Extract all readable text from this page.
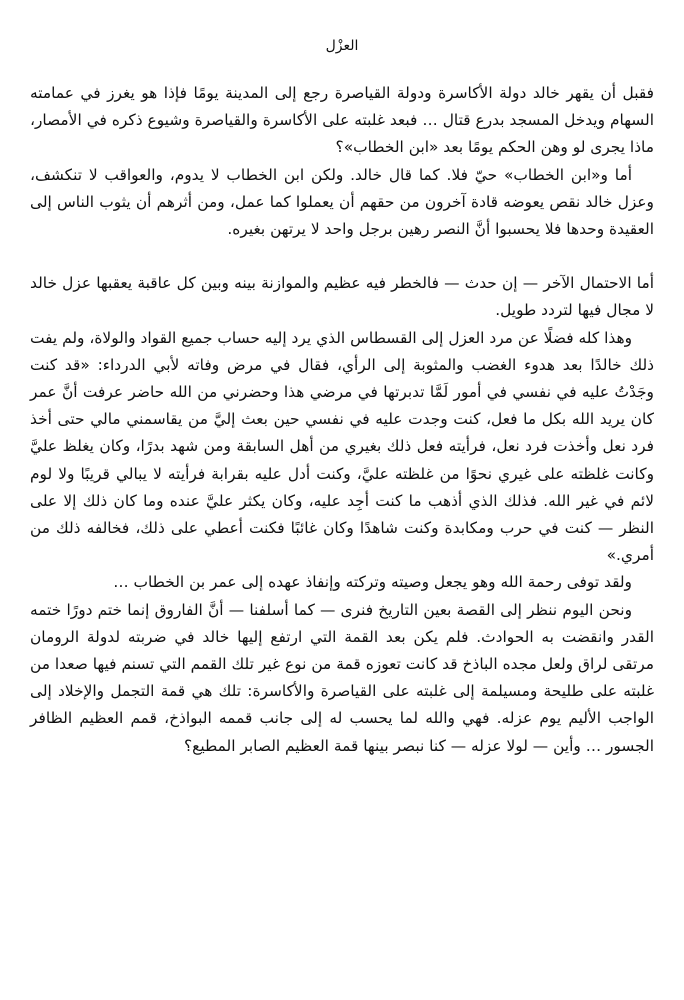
العزْل

فقبل أن يقهر خالد دولة الأكاسرة ودولة القياصرة رجع إلى المدينة يومًا فإذا هو يغرز في عمامته السهام ويدخل المسجد بدرع قتال … فبعد غلبته على الأكاسرة والقياصرة وشيوع ذكره في الأمصار، ماذا يجرى لو وهن الحكم يومًا بعد «ابن الخطاب»؟

أما و«ابن الخطاب» حيّ فلا. كما قال خالد. ولكن ابن الخطاب لا يدوم، والعواقب لا تنكشف، وعزل خالد نقص يعوضه قادة آخرون من حقهم أن يعملوا كما عمل، ومن أثرهم أن يثوب الناس إلى العقيدة وحدها فلا يحسبوا أنَّ النصر رهين برجل واحد لا يرتهن بغيره.

أما الاحتمال الآخر — إن حدث — فالخطر فيه عظيم والموازنة بينه وبين كل عاقبة يعقبها عزل خالد لا مجال فيها لتردد طويل.

وهذا كله فضلًا عن مرد العزل إلى القسطاس الذي يرد إليه حساب جميع القواد والولاة، ولم يفت ذلك خالدًا بعد هدوء الغضب والمثوبة إلى الرأي، فقال في مرض وفاته لأبي الدرداء: «قد كنت وجَدْتُ عليه في نفسي في أمور لَمَّا تدبرتها في مرضي هذا وحضرني من الله حاضر عرفت أنَّ عمر كان يريد الله بكل ما فعل، كنت وجدت عليه في نفسي حين بعث إليَّ من يقاسمني مالي حتى أخذ فرد نعل وأخذت فرد نعل، فرأيته فعل ذلك بغيري من أهل السابقة ومن شهد بدرًا، وكان يغلظ عليَّ وكانت غلظته على غيري نحوًا من غلظته عليَّ، وكنت أدل عليه بقرابة فرأيته لا يبالي قريبًا ولا لوم لائم في غير الله. فذلك الذي أذهب ما كنت أجِد عليه، وكان يكثر عليَّ عنده وما كان ذلك إلا على النظر — كنت في حرب ومكابدة وكنت شاهدًا وكان غائبًا فكنت أعطي على ذلك، فخالفه ذلك من أمري.»

ولقد توفى رحمة الله وهو يجعل وصيته وتركته وإنفاذ عهده إلى عمر بن الخطاب …

ونحن اليوم ننظر إلى القصة بعين التاريخ فنرى — كما أسلفنا — أنَّ الفاروق إنما ختم دورًا ختمه القدر وانقضت به الحوادث. فلم يكن بعد القمة التي ارتفع إليها خالد في ضربته لدولة الرومان مرتقى لراق ولعل مجده الباذخ قد كانت تعوزه قمة من نوع غير تلك القمم التي تسنم فيها صعدا من غلبته على طليحة ومسيلمة إلى غلبته على القياصرة والأكاسرة: تلك هي قمة التجمل والإخلاد إلى الواجب الأليم يوم عزله. فهي والله لما يحسب له إلى جانب قممه البواذخ، قمم العظيم الظافر الجسور … وأين — لولا عزله — كنا نبصر بينها قمة العظيم الصابر المطيع؟
